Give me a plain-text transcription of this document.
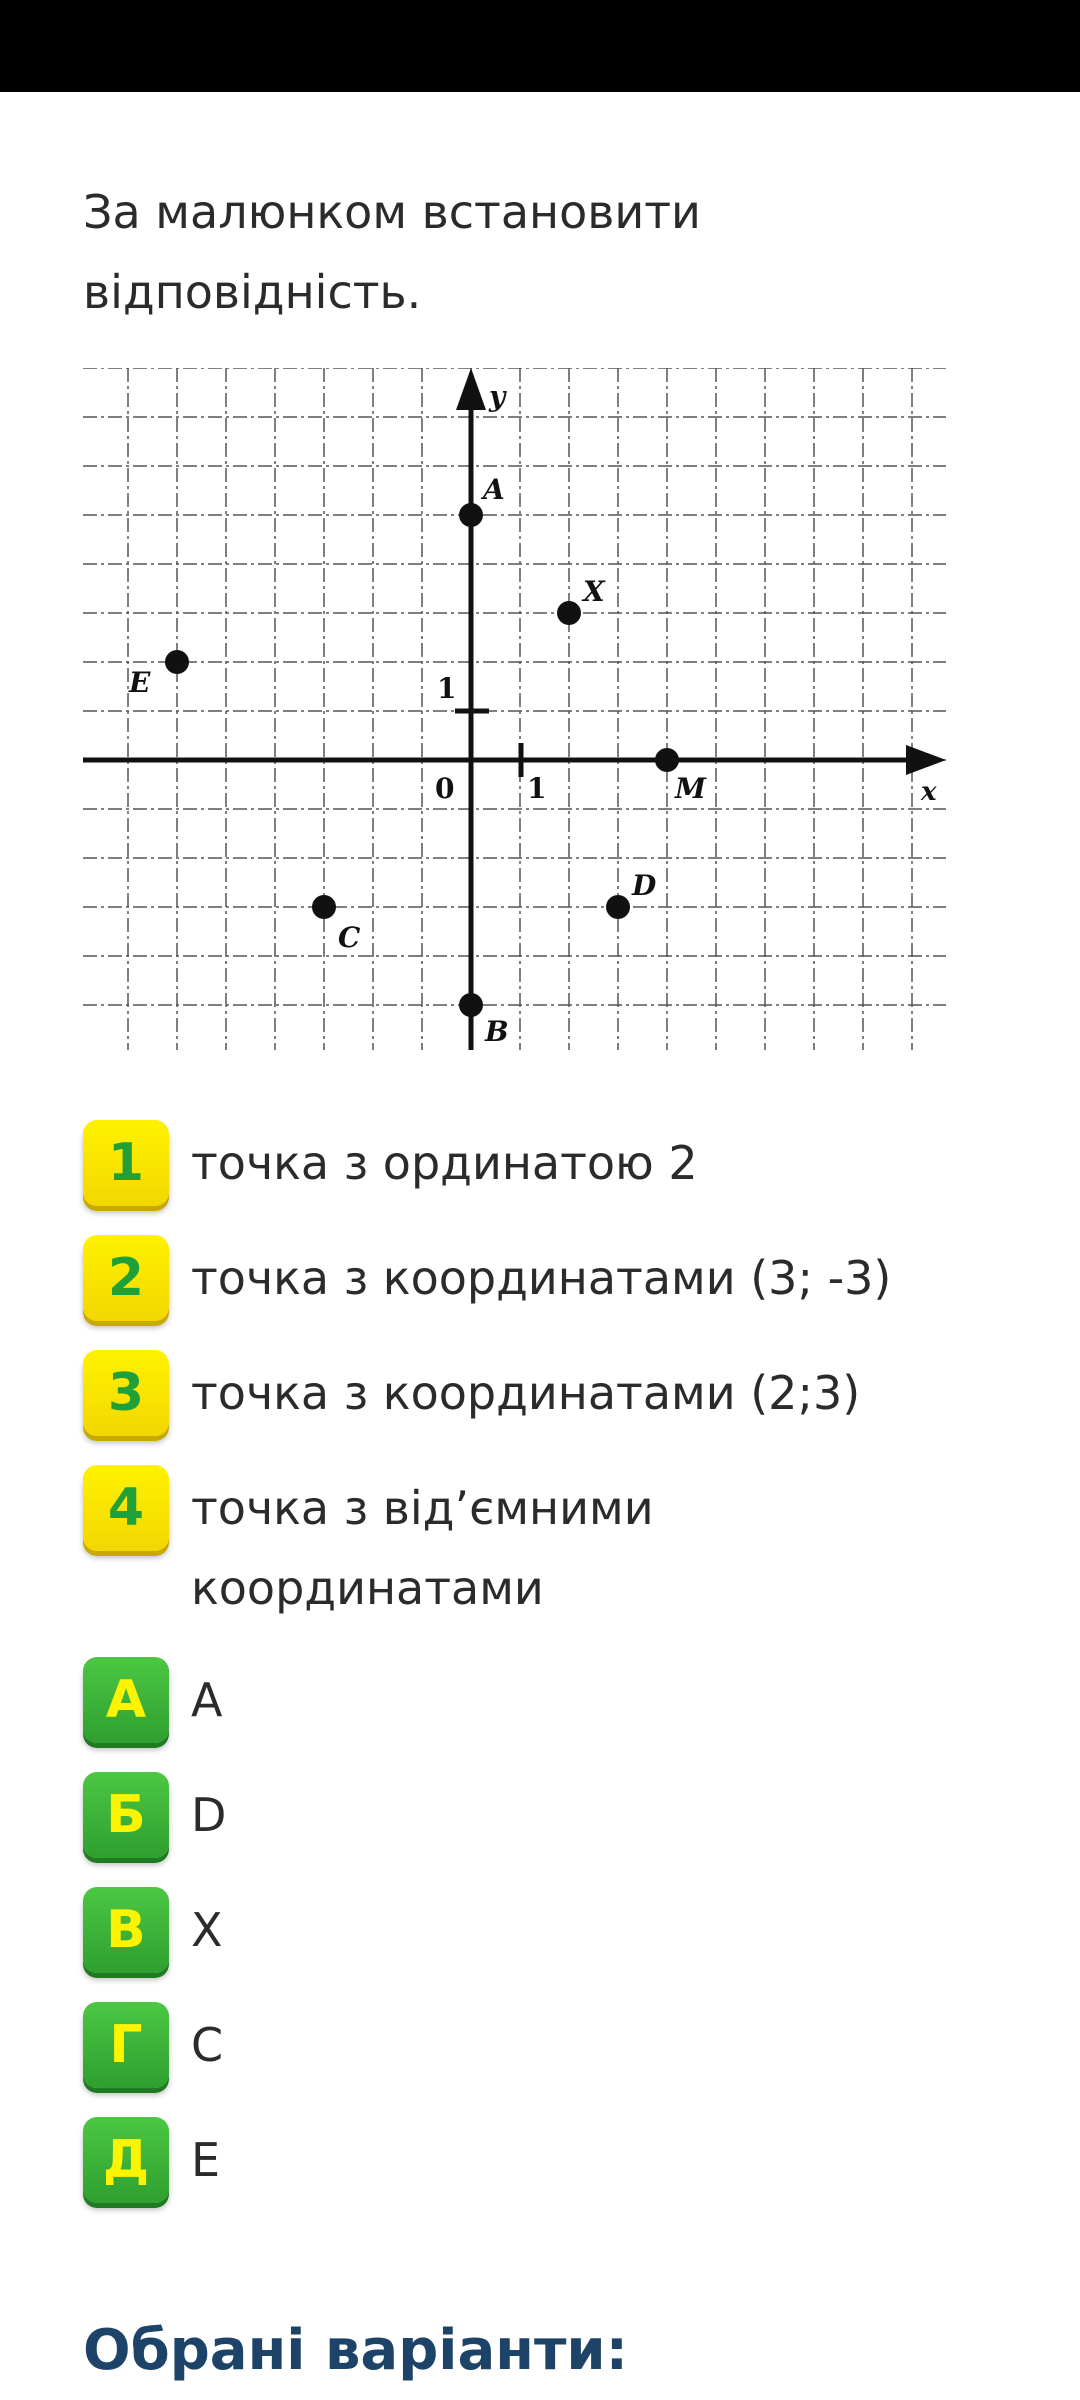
За малюнком встановити відповідність.
x
y
0	1
1
A
X
E
M
D
C
B
1	точка з ординатою 2
2	точка з координатами (3; -3)
3	точка з координатами (2;3)
4	точка з від’ємними координатами
А A
Б D
В X
Г	C
Д E
Обрані варіанти:
